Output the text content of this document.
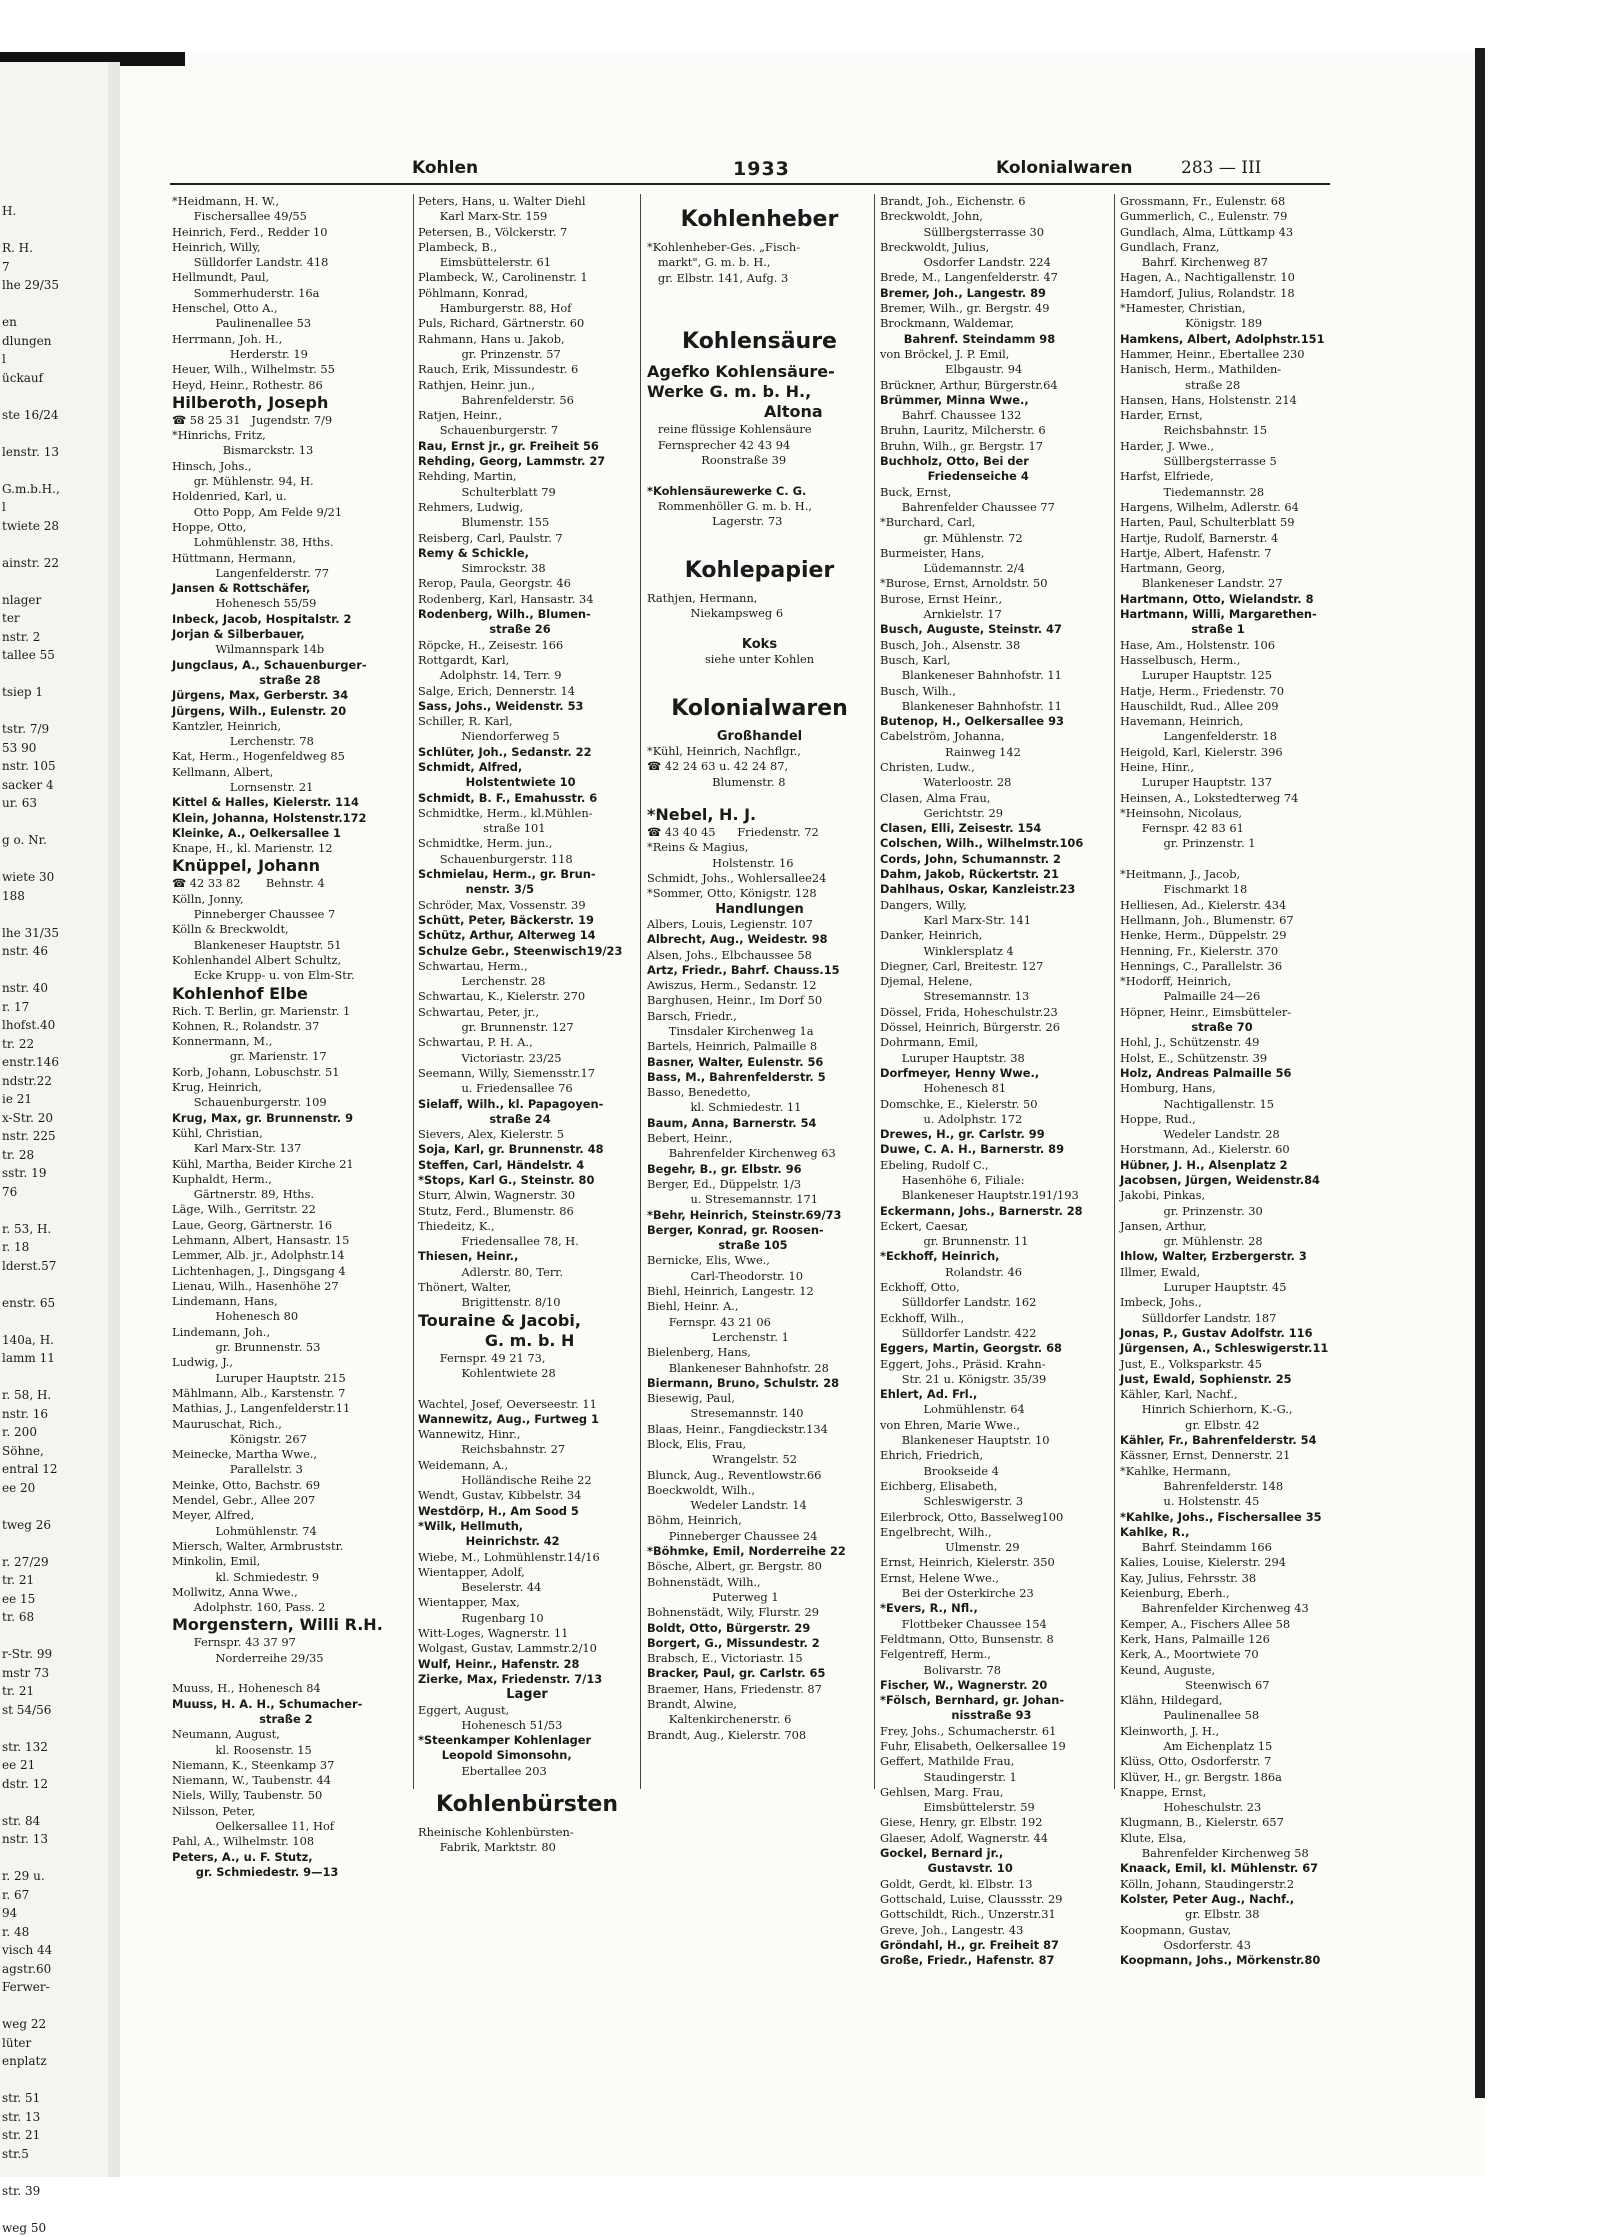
H.

R. H.
7
lhe 29/35

en
dlungen
l
ückauf

ste 16/24

lenstr. 13

G.m.b.H.,
l
twiete 28

ainstr. 22

nlager
ter
nstr. 2
tallee 55

tsiep 1

tstr. 7/9
53 90
nstr. 105
sacker 4
ur. 63

g o. Nr.

wiete 30
188

lhe 31/35
nstr. 46

nstr. 40
r. 17
lhofst.40
tr. 22
enstr.146
ndstr.22
ie 21
x-Str. 20
nstr. 225
tr. 28
sstr. 19
76

r. 53, H.
r. 18
lderst.57

enstr. 65

140a, H.
lamm 11

r. 58, H.
nstr. 16
r. 200
Söhne,
entral 12
ee 20

tweg 26

r. 27/29
tr. 21
ee 15
tr. 68

r-Str. 99
mstr 73
tr. 21
st 54/56

str. 132
ee 21
dstr. 12

str. 84
nstr. 13

r. 29 u.
r. 67
94
r. 48
visch 44
agstr.60
Ferwer-

weg 22
lüter
enplatz

str. 51
str. 13
str. 21
str.5

str. 39

weg 50
Kohlen	1933	Kolonialwaren	283 — III
*Heidmann, H. W.,
Fischersallee 49/55
Heinrich, Ferd., Redder 10
Heinrich, Willy,
Sülldorfer Landstr. 418
Hellmundt, Paul,
Sommerhuderstr. 16a
Henschel, Otto A.,
Paulinenallee 53
Herrmann, Joh. H.,
Herderstr. 19
Heuer, Wilh., Wilhelmstr. 55
Heyd, Heinr., Rothestr. 86
Hilberoth, Joseph
☎ 58 25 31   Jugendstr. 7/9
*Hinrichs, Fritz,
Bismarckstr. 13
Hinsch, Johs.,
gr. Mühlenstr. 94, H.
Holdenried, Karl, u.
Otto Popp, Am Felde 9/21
Hoppe, Otto,
Lohmühlenstr. 38, Hths.
Hüttmann, Hermann,
Langenfelderstr. 77
Jansen & Rottschäfer,
Hohenesch 55/59
Inbeck, Jacob, Hospitalstr. 2
Jorjan & Silberbauer,
Wilmannspark 14b
Jungclaus, A., Schauenburger-
straße 28
Jürgens, Max, Gerberstr. 34
Jürgens, Wilh., Eulenstr. 20
Kantzler, Heinrich,
Lerchenstr. 78
Kat, Herm., Hogenfeldweg 85
Kellmann, Albert,
Lornsenstr. 21
Kittel & Halles, Kielerstr. 114
Klein, Johanna, Holstenstr.172
Kleinke, A., Oelkersallee 1
Knape, H., kl. Marienstr. 12
Knüppel, Johann
☎ 42 33 82       Behnstr. 4
Kölln, Jonny,
Pinneberger Chaussee 7
Kölln & Breckwoldt,
Blankeneser Hauptstr. 51
Kohlenhandel Albert Schultz,
Ecke Krupp- u. von Elm-Str.
Kohlenhof Elbe
Rich. T. Berlin, gr. Marienstr. 1
Kohnen, R., Rolandstr. 37
Konnermann, M.,
gr. Marienstr. 17
Korb, Johann, Lobuschstr. 51
Krug, Heinrich,
Schauenburgerstr. 109
Krug, Max, gr. Brunnenstr. 9
Kühl, Christian,
Karl Marx-Str. 137
Kühl, Martha, Beider Kirche 21
Kuphaldt, Herm.,
Gärtnerstr. 89, Hths.
Läge, Wilh., Gerritstr. 22
Laue, Georg, Gärtnerstr. 16
Lehmann, Albert, Hansastr. 15
Lemmer, Alb. jr., Adolphstr.14
Lichtenhagen, J., Dingsgang 4
Lienau, Wilh., Hasenhöhe 27
Lindemann, Hans,
Hohenesch 80
Lindemann, Joh.,
gr. Brunnenstr. 53
Ludwig, J.,
Luruper Hauptstr. 215
Mählmann, Alb., Karstenstr. 7
Mathias, J., Langenfelderstr.11
Mauruschat, Rich.,
Königstr. 267
Meinecke, Martha Wwe.,
Parallelstr. 3
Meinke, Otto, Bachstr. 69
Mendel, Gebr., Allee 207
Meyer, Alfred,
Lohmühlenstr. 74
Miersch, Walter, Armbruststr.
Minkolin, Emil,
kl. Schmiedestr. 9
Mollwitz, Anna Wwe.,
Adolphstr. 160, Pass. 2
Morgenstern, Willi R.H.
Fernspr. 43 37 97
Norderreihe 29/35

Muuss, H., Hohenesch 84
Muuss, H. A. H., Schumacher-
straße 2
Neumann, August,
kl. Roosenstr. 15
Niemann, K., Steenkamp 37
Niemann, W., Taubenstr. 44
Niels, Willy, Taubenstr. 50
Nilsson, Peter,
Oelkersallee 11, Hof
Pahl, A., Wilhelmstr. 108
Peters, A., u. F. Stutz,
gr. Schmiedestr. 9—13
Peters, Hans, u. Walter Diehl
Karl Marx-Str. 159
Petersen, B., Völckerstr. 7
Plambeck, B.,
Eimsbüttelerstr. 61
Plambeck, W., Carolinenstr. 1
Pöhlmann, Konrad,
Hamburgerstr. 88, Hof
Puls, Richard, Gärtnerstr. 60
Rahmann, Hans u. Jakob,
gr. Prinzenstr. 57
Rauch, Erik, Missundestr. 6
Rathjen, Heinr. jun.,
Bahrenfelderstr. 56
Ratjen, Heinr.,
Schauenburgerstr. 7
Rau, Ernst jr., gr. Freiheit 56
Rehding, Georg, Lammstr. 27
Rehding, Martin,
Schulterblatt 79
Rehmers, Ludwig,
Blumenstr. 155
Reisberg, Carl, Paulstr. 7
Remy & Schickle,
Simrockstr. 38
Rerop, Paula, Georgstr. 46
Rodenberg, Karl, Hansastr. 34
Rodenberg, Wilh., Blumen-
straße 26
Röpcke, H., Zeisestr. 166
Rottgardt, Karl,
Adolphstr. 14, Terr. 9
Salge, Erich, Dennerstr. 14
Sass, Johs., Weidenstr. 53
Schiller, R. Karl,
Niendorferweg 5
Schlüter, Joh., Sedanstr. 22
Schmidt, Alfred,
Holstentwiete 10
Schmidt, B. F., Emahusstr. 6
Schmidtke, Herm., kl.Mühlen-
straße 101
Schmidtke, Herm. jun.,
Schauenburgerstr. 118
Schmielau, Herm., gr. Brun-
nenstr. 3/5
Schröder, Max, Vossenstr. 39
Schütt, Peter, Bäckerstr. 19
Schütz, Arthur, Alterweg 14
Schulze Gebr., Steenwisch19/23
Schwartau, Herm.,
Lerchenstr. 28
Schwartau, K., Kielerstr. 270
Schwartau, Peter, jr.,
gr. Brunnenstr. 127
Schwartau, P. H. A.,
Victoriastr. 23/25
Seemann, Willy, Siemensstr.17
u. Friedensallee 76
Sielaff, Wilh., kl. Papagoyen-
straße 24
Sievers, Alex, Kielerstr. 5
Soja, Karl, gr. Brunnenstr. 48
Steffen, Carl, Händelstr. 4
*Stops, Karl G., Steinstr. 80
Sturr, Alwin, Wagnerstr. 30
Stutz, Ferd., Blumenstr. 86
Thiedeitz, K.,
Friedensallee 78, H.
Thiesen, Heinr.,
Adlerstr. 80, Terr.
Thönert, Walter,
Brigittenstr. 8/10
Touraine & Jacobi,
G. m. b. H
Fernspr. 49 21 73,
Kohlentwiete 28

Wachtel, Josef, Oeverseestr. 11
Wannewitz, Aug., Furtweg 1
Wannewitz, Hinr.,
Reichsbahnstr. 27
Weidemann, A.,
Holländische Reihe 22
Wendt, Gustav, Kibbelstr. 34
Westdörp, H., Am Sood 5
*Wilk, Hellmuth,
Heinrichstr. 42
Wiebe, M., Lohmühlenstr.14/16
Wientapper, Adolf,
Beselerstr. 44
Wientapper, Max,
Rugenbarg 10
Witt-Loges, Wagnerstr. 11
Wolgast, Gustav, Lammstr.2/10
Wulf, Heinr., Hafenstr. 28
Zierke, Max, Friedenstr. 7/13
Lager
Eggert, August,
Hohenesch 51/53
*Steenkamper Kohlenlager
Leopold Simonsohn,
Ebertallee 203
Kohlenbürsten
Rheinische Kohlenbürsten-
Fabrik, Marktstr. 80
Kohlenheber
*Kohlenheber-Ges. „Fisch-
markt", G. m. b. H.,
gr. Elbstr. 141, Aufg. 3

Kohlensäure
Agefko Kohlensäure-
Werke G. m. b. H.,
Altona
reine flüssige Kohlensäure
Fernsprecher 42 43 94
Roonstraße 39

*Kohlensäurewerke C. G.
Rommenhöller G. m. b. H.,
Lagerstr. 73

Kohlepapier
Rathjen, Hermann,
Niekampsweg 6

Koks
siehe unter Kohlen

Kolonialwaren
Großhandel
*Kühl, Heinrich, Nachflgr.,
☎ 42 24 63 u. 42 24 87,
Blumenstr. 8

*Nebel, H. J.
☎ 43 40 45      Friedenstr. 72
*Reins & Magius,
Holstenstr. 16
Schmidt, Johs., Wohlersallee24
*Sommer, Otto, Königstr. 128
Handlungen
Albers, Louis, Legienstr. 107
Albrecht, Aug., Weidestr. 98
Alsen, Johs., Elbchaussee 58
Artz, Friedr., Bahrf. Chauss.15
Awiszus, Herm., Sedanstr. 12
Barghusen, Heinr., Im Dorf 50
Barsch, Friedr.,
Tinsdaler Kirchenweg 1a
Bartels, Heinrich, Palmaille 8
Basner, Walter, Eulenstr. 56
Bass, M., Bahrenfelderstr. 5
Basso, Benedetto,
kl. Schmiedestr. 11
Baum, Anna, Barnerstr. 54
Bebert, Heinr.,
Bahrenfelder Kirchenweg 63
Begehr, B., gr. Elbstr. 96
Berger, Ed., Düppelstr. 1/3
u. Stresemannstr. 171
*Behr, Heinrich, Steinstr.69/73
Berger, Konrad, gr. Roosen-
straße 105
Bernicke, Elis, Wwe.,
Carl-Theodorstr. 10
Biehl, Heinrich, Langestr. 12
Biehl, Heinr. A.,
Fernspr. 43 21 06
Lerchenstr. 1
Bielenberg, Hans,
Blankeneser Bahnhofstr. 28
Biermann, Bruno, Schulstr. 28
Biesewig, Paul,
Stresemannstr. 140
Blaas, Heinr., Fangdieckstr.134
Block, Elis, Frau,
Wrangelstr. 52
Blunck, Aug., Reventlowstr.66
Boeckwoldt, Wilh.,
Wedeler Landstr. 14
Böhm, Heinrich,
Pinneberger Chaussee 24
*Böhmke, Emil, Norderreihe 22
Bösche, Albert, gr. Bergstr. 80
Bohnenstädt, Wilh.,
Puterweg 1
Bohnenstädt, Wily, Flurstr. 29
Boldt, Otto, Bürgerstr. 29
Borgert, G., Missundestr. 2
Brabsch, E., Victoriastr. 15
Bracker, Paul, gr. Carlstr. 65
Braemer, Hans, Friedenstr. 87
Brandt, Alwine,
Kaltenkirchenerstr. 6
Brandt, Aug., Kielerstr. 708
Brandt, Joh., Eichenstr. 6
Breckwoldt, John,
Süllbergsterrasse 30
Breckwoldt, Julius,
Osdorfer Landstr. 224
Brede, M., Langenfelderstr. 47
Bremer, Joh., Langestr. 89
Bremer, Wilh., gr. Bergstr. 49
Brockmann, Waldemar,
Bahrenf. Steindamm 98
von Bröckel, J. P. Emil,
Elbgaustr. 94
Brückner, Arthur, Bürgerstr.64
Brümmer, Minna Wwe.,
Bahrf. Chaussee 132
Bruhn, Lauritz, Milcherstr. 6
Bruhn, Wilh., gr. Bergstr. 17
Buchholz, Otto, Bei der
Friedenseiche 4
Buck, Ernst,
Bahrenfelder Chaussee 77
*Burchard, Carl,
gr. Mühlenstr. 72
Burmeister, Hans,
Lüdemannstr. 2/4
*Burose, Ernst, Arnoldstr. 50
Burose, Ernst Heinr.,
Arnkielstr. 17
Busch, Auguste, Steinstr. 47
Busch, Joh., Alsenstr. 38
Busch, Karl,
Blankeneser Bahnhofstr. 11
Busch, Wilh.,
Blankeneser Bahnhofstr. 11
Butenop, H., Oelkersallee 93
Cabelström, Johanna,
Rainweg 142
Christen, Ludw.,
Waterloostr. 28
Clasen, Alma Frau,
Gerichtstr. 29
Clasen, Elli, Zeisestr. 154
Colschen, Wilh., Wilhelmstr.106
Cords, John, Schumannstr. 2
Dahm, Jakob, Rückertstr. 21
Dahlhaus, Oskar, Kanzleistr.23
Dangers, Willy,
Karl Marx-Str. 141
Danker, Heinrich,
Winklersplatz 4
Diegner, Carl, Breitestr. 127
Djemal, Helene,
Stresemannstr. 13
Dössel, Frida, Hoheschulstr.23
Dössel, Heinrich, Bürgerstr. 26
Dohrmann, Emil,
Luruper Hauptstr. 38
Dorfmeyer, Henny Wwe.,
Hohenesch 81
Domschke, E., Kielerstr. 50
u. Adolphstr. 172
Drewes, H., gr. Carlstr. 99
Duwe, C. A. H., Barnerstr. 89
Ebeling, Rudolf C.,
Hasenhöhe 6, Filiale:
Blankeneser Hauptstr.191/193
Eckermann, Johs., Barnerstr. 28
Eckert, Caesar,
gr. Brunnenstr. 11
*Eckhoff, Heinrich,
Rolandstr. 46
Eckhoff, Otto,
Sülldorfer Landstr. 162
Eckhoff, Wilh.,
Sülldorfer Landstr. 422
Eggers, Martin, Georgstr. 68
Eggert, Johs., Präsid. Krahn-
Str. 21 u. Königstr. 35/39
Ehlert, Ad. Frl.,
Lohmühlenstr. 64
von Ehren, Marie Wwe.,
Blankeneser Hauptstr. 10
Ehrich, Friedrich,
Brookseide 4
Eichberg, Elisabeth,
Schleswigerstr. 3
Eilerbrock, Otto, Basselweg100
Engelbrecht, Wilh.,
Ulmenstr. 29
Ernst, Heinrich, Kielerstr. 350
Ernst, Helene Wwe.,
Bei der Osterkirche 23
*Evers, R., Nfl.,
Flottbeker Chaussee 154
Feldtmann, Otto, Bunsenstr. 8
Felgentreff, Herm.,
Bolivarstr. 78
Fischer, W., Wagnerstr. 20
*Fölsch, Bernhard, gr. Johan-
nisstraße 93
Frey, Johs., Schumacherstr. 61
Fuhr, Elisabeth, Oelkersallee 19
Geffert, Mathilde Frau,
Staudingerstr. 1
Gehlsen, Marg. Frau,
Eimsbüttelerstr. 59
Giese, Henry, gr. Elbstr. 192
Glaeser, Adolf, Wagnerstr. 44
Gockel, Bernard jr.,
Gustavstr. 10
Goldt, Gerdt, kl. Elbstr. 13
Gottschald, Luise, Claussstr. 29
Gottschildt, Rich., Unzerstr.31
Greve, Joh., Langestr. 43
Gröndahl, H., gr. Freiheit 87
Große, Friedr., Hafenstr. 87
Grossmann, Fr., Eulenstr. 68
Gummerlich, C., Eulenstr. 79
Gundlach, Alma, Lüttkamp 43
Gundlach, Franz,
Bahrf. Kirchenweg 87
Hagen, A., Nachtigallenstr. 10
Hamdorf, Julius, Rolandstr. 18
*Hamester, Christian,
Königstr. 189
Hamkens, Albert, Adolphstr.151
Hammer, Heinr., Ebertallee 230
Hanisch, Herm., Mathilden-
straße 28
Hansen, Hans, Holstenstr. 214
Harder, Ernst,
Reichsbahnstr. 15
Harder, J. Wwe.,
Süllbergsterrasse 5
Harfst, Elfriede,
Tiedemannstr. 28
Hargens, Wilhelm, Adlerstr. 64
Harten, Paul, Schulterblatt 59
Hartje, Rudolf, Barnerstr. 4
Hartje, Albert, Hafenstr. 7
Hartmann, Georg,
Blankeneser Landstr. 27
Hartmann, Otto, Wielandstr. 8
Hartmann, Willi, Margarethen-
straße 1
Hase, Am., Holstenstr. 106
Hasselbusch, Herm.,
Luruper Hauptstr. 125
Hatje, Herm., Friedenstr. 70
Hauschildt, Rud., Allee 209
Havemann, Heinrich,
Langenfelderstr. 18
Heigold, Karl, Kielerstr. 396
Heine, Hinr.,
Luruper Hauptstr. 137
Heinsen, A., Lokstedterweg 74
*Heinsohn, Nicolaus,
Fernspr. 42 83 61
gr. Prinzenstr. 1

*Heitmann, J., Jacob,
Fischmarkt 18
Helliesen, Ad., Kielerstr. 434
Hellmann, Joh., Blumenstr. 67
Henke, Herm., Düppelstr. 29
Henning, Fr., Kielerstr. 370
Hennings, C., Parallelstr. 36
*Hodorff, Heinrich,
Palmaille 24—26
Höpner, Heinr., Eimsbütteler-
straße 70
Hohl, J., Schützenstr. 49
Holst, E., Schützenstr. 39
Holz, Andreas Palmaille 56
Homburg, Hans,
Nachtigallenstr. 15
Hoppe, Rud.,
Wedeler Landstr. 28
Horstmann, Ad., Kielerstr. 60
Hübner, J. H., Alsenplatz 2
Jacobsen, Jürgen, Weidenstr.84
Jakobi, Pinkas,
gr. Prinzenstr. 30
Jansen, Arthur,
gr. Mühlenstr. 28
Ihlow, Walter, Erzbergerstr. 3
Illmer, Ewald,
Luruper Hauptstr. 45
Imbeck, Johs.,
Sülldorfer Landstr. 187
Jonas, P., Gustav Adolfstr. 116
Jürgensen, A., Schleswigerstr.11
Just, E., Volksparkstr. 45
Just, Ewald, Sophienstr. 25
Kähler, Karl, Nachf.,
Hinrich Schierhorn, K.-G.,
gr. Elbstr. 42
Kähler, Fr., Bahrenfelderstr. 54
Kässner, Ernst, Dennerstr. 21
*Kahlke, Hermann,
Bahrenfelderstr. 148
u. Holstenstr. 45
*Kahlke, Johs., Fischersallee 35
Kahlke, R.,
Bahrf. Steindamm 166
Kalies, Louise, Kielerstr. 294
Kay, Julius, Fehrsstr. 38
Keienburg, Eberh.,
Bahrenfelder Kirchenweg 43
Kemper, A., Fischers Allee 58
Kerk, Hans, Palmaille 126
Kerk, A., Moortwiete 70
Keund, Auguste,
Steenwisch 67
Klähn, Hildegard,
Paulinenallee 58
Kleinworth, J. H.,
Am Eichenplatz 15
Klüss, Otto, Osdorferstr. 7
Klüver, H., gr. Bergstr. 186a
Knappe, Ernst,
Hoheschulstr. 23
Klugmann, B., Kielerstr. 657
Klute, Elsa,
Bahrenfelder Kirchenweg 58
Knaack, Emil, kl. Mühlenstr. 67
Kölln, Johann, Staudingerstr.2
Kolster, Peter Aug., Nachf.,
gr. Elbstr. 38
Koopmann, Gustav,
Osdorferstr. 43
Koopmann, Johs., Mörkenstr.80
